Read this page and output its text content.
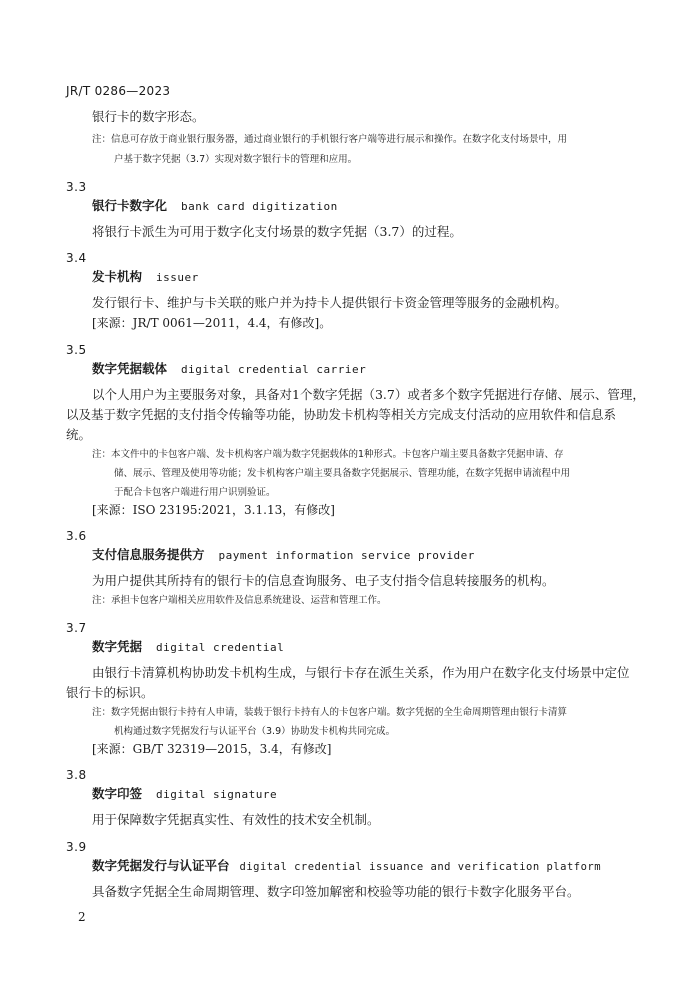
JR/T 0286—2023
银行卡的数字形态。
注：信息可存放于商业银行服务器，通过商业银行的手机银行客户端等进行展示和操作。在数字化支付场景中，用
户基于数字凭据（3.7）实现对数字银行卡的管理和应用。
3.3
银行卡数字化 bank card digitization
将银行卡派生为可用于数字化支付场景的数字凭据（3.7）的过程。
3.4
发卡机构 issuer
发行银行卡、维护与卡关联的账户并为持卡人提供银行卡资金管理等服务的金融机构。
[来源：JR/T 0061—2011，4.4，有修改]。
3.5
数字凭据载体 digital credential carrier
以个人用户为主要服务对象，具备对1个数字凭据（3.7）或者多个数字凭据进行存储、展示、管理，
以及基于数字凭据的支付指令传输等功能，协助发卡机构等相关方完成支付活动的应用软件和信息系
统。
注：本文件中的卡包客户端、发卡机构客户端为数字凭据载体的1种形式。卡包客户端主要具备数字凭据申请、存
储、展示、管理及使用等功能；发卡机构客户端主要具备数字凭据展示、管理功能，在数字凭据申请流程中用
于配合卡包客户端进行用户识别验证。
[来源：ISO 23195:2021，3.1.13，有修改]
3.6
支付信息服务提供方 payment information service provider
为用户提供其所持有的银行卡的信息查询服务、电子支付指令信息转接服务的机构。
注：承担卡包客户端相关应用软件及信息系统建设、运营和管理工作。
3.7
数字凭据 digital credential
由银行卡清算机构协助发卡机构生成，与银行卡存在派生关系，作为用户在数字化支付场景中定位
银行卡的标识。
注：数字凭据由银行卡持有人申请，装载于银行卡持有人的卡包客户端。数字凭据的全生命周期管理由银行卡清算
机构通过数字凭据发行与认证平台（3.9）协助发卡机构共同完成。
[来源：GB/T 32319—2015，3.4，有修改]
3.8
数字印签 digital signature
用于保障数字凭据真实性、有效性的技术安全机制。
3.9
数字凭据发行与认证平台 digital credential issuance and verification platform
具备数字凭据全生命周期管理、数字印签加解密和校验等功能的银行卡数字化服务平台。
2
